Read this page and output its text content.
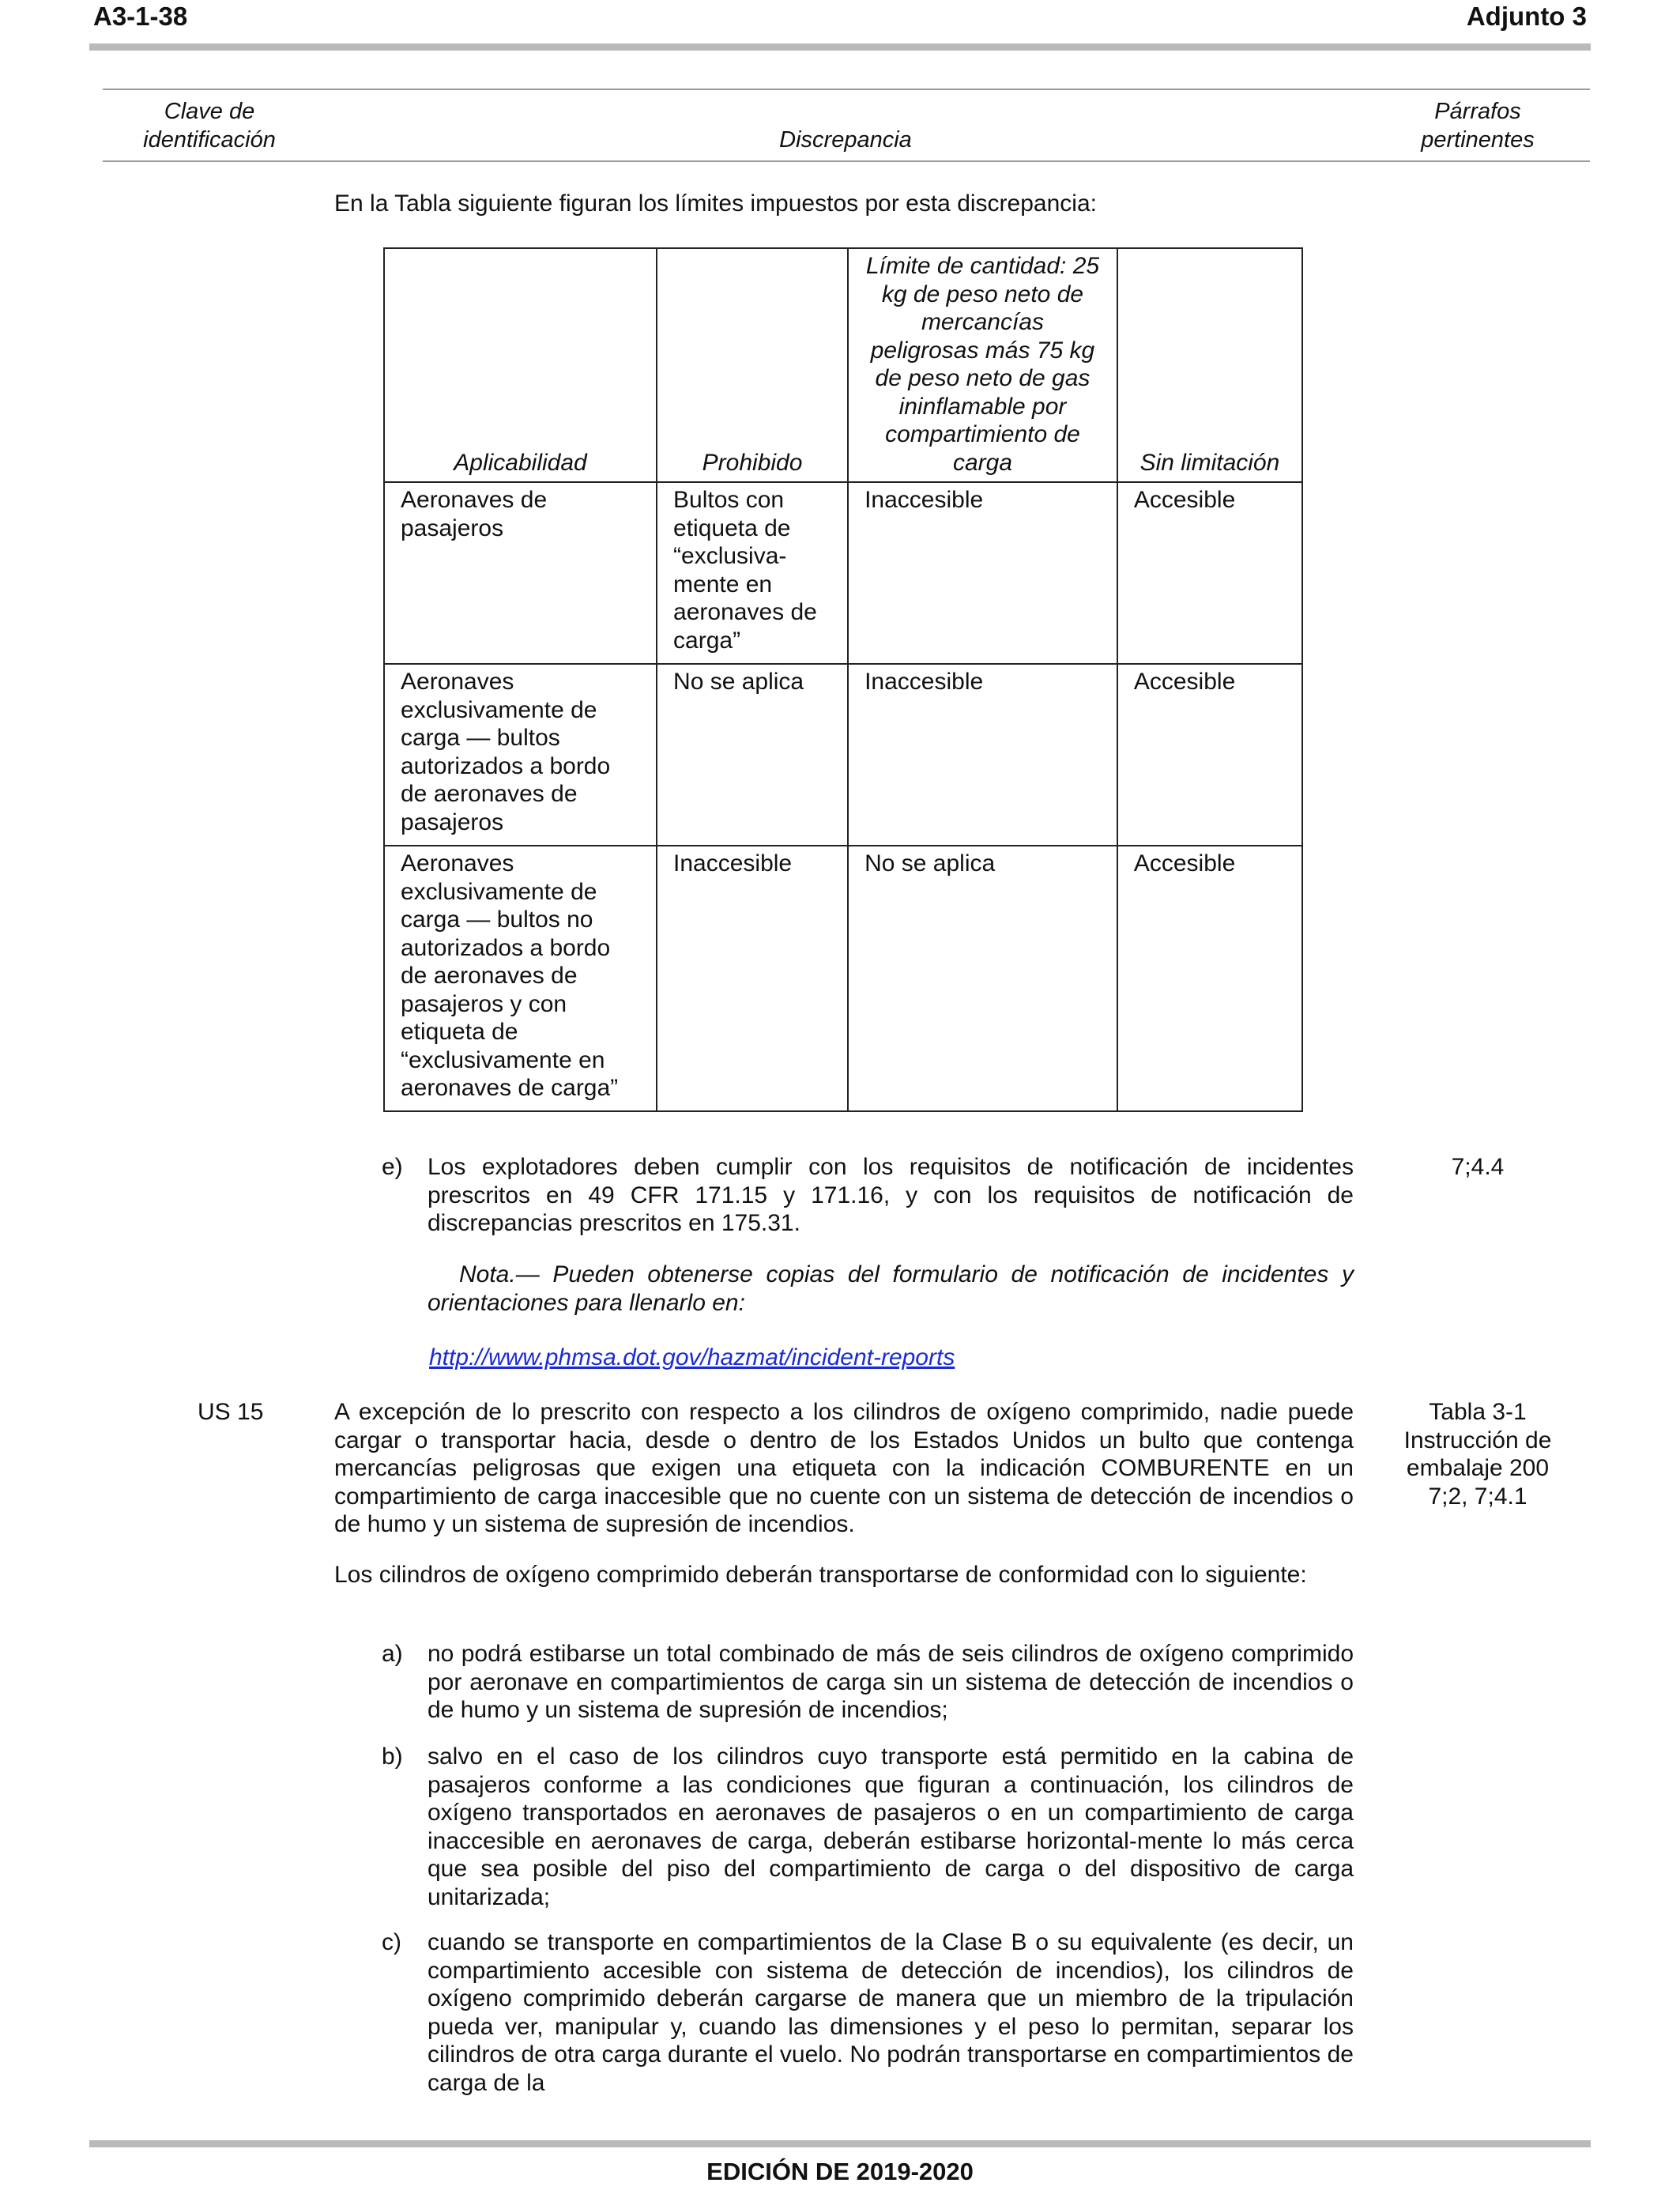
A3-1-38	Adjunto 3
Clave de
identificación	Discrepancia
Párrafos
pertinentes
En la Tabla siguiente figuran los límites impuestos por esta discrepancia:
Aplicabilidad	Prohibido	Límite de cantidad: 25 kg de peso neto de mercancías peligrosas más 75 kg de peso neto de gas ininflamable por compartimiento de carga	Sin limitación
Aeronaves de pasajeros	Bultos con etiqueta de “exclusiva-mente en aeronaves de carga”	Inaccesible	Accesible
Aeronaves exclusivamente de carga — bultos autorizados a bordo de aeronaves de pasajeros	No se aplica	Inaccesible	Accesible
Aeronaves exclusivamente de carga — bultos no autorizados a bordo de aeronaves de pasajeros y con etiqueta de “exclusivamente en aeronaves de carga”	Inaccesible	No se aplica	Accesible
e) Los explotadores deben cumplir con los requisitos de notificación de incidentes prescritos en 49 CFR 171.15 y 171.16, y con los requisitos de notificación de discrepancias prescritos en 175.31.
7;4.4
Nota.— Pueden obtenerse copias del formulario de notificación de incidentes y orientaciones para llenarlo en:
http://www.phmsa.dot.gov/hazmat/incident-reports
US 15	A excepción de lo prescrito con respecto a los cilindros de oxígeno comprimido, nadie puede cargar o transportar hacia, desde o dentro de los Estados Unidos un bulto que contenga mercancías peligrosas que exigen una etiqueta con la indicación COMBURENTE en un compartimiento de carga inaccesible que no cuente con un sistema de detección de incendios o de humo y un sistema de supresión de incendios.
Tabla 3-1
Instrucción de
embalaje 200
7;2, 7;4.1
Los cilindros de oxígeno comprimido deberán transportarse de conformidad con lo siguiente:
a) no podrá estibarse un total combinado de más de seis cilindros de oxígeno comprimido por aeronave en compartimientos de carga sin un sistema de detección de incendios o de humo y un sistema de supresión de incendios;
b) salvo en el caso de los cilindros cuyo transporte está permitido en la cabina de pasajeros conforme a las condiciones que figuran a continuación, los cilindros de oxígeno transportados en aeronaves de pasajeros o en un compartimiento de carga inaccesible en aeronaves de carga, deberán estibarse horizontal-mente lo más cerca que sea posible del piso del compartimiento de carga o del dispositivo de carga unitarizada;
c) cuando se transporte en compartimientos de la Clase B o su equivalente (es decir, un compartimiento accesible con sistema de detección de incendios), los cilindros de oxígeno comprimido deberán cargarse de manera que un miembro de la tripulación pueda ver, manipular y, cuando las dimensiones y el peso lo permitan, separar los cilindros de otra carga durante el vuelo. No podrán transportarse en compartimientos de carga de la
EDICIÓN DE 2019-2020
